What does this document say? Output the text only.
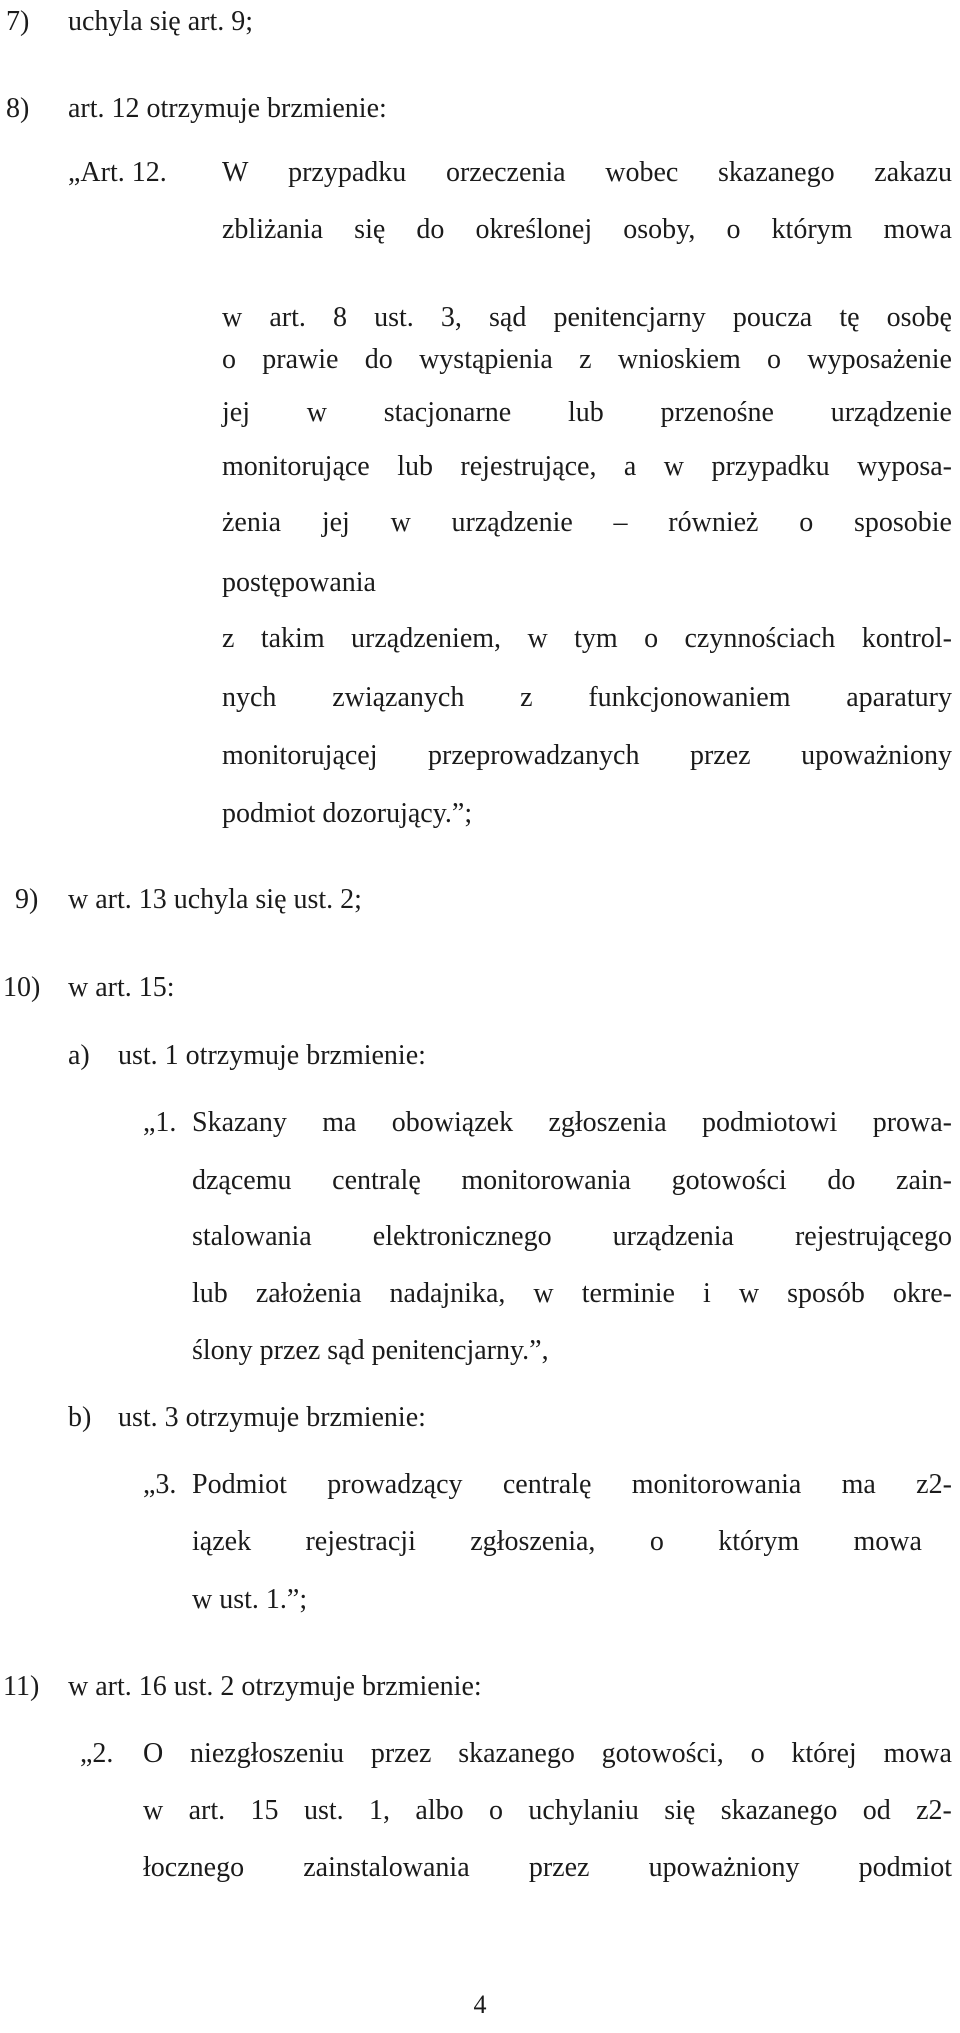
7) uchyla się art. 9;
8) art. 12 otrzymuje brzmienie:
„Art. 12. W przypadku orzeczenia wobec skazanego zakazu
zbliżania się do określonej osoby, o którym mowa
w art. 8 ust. 3, sąd penitencjarny poucza tę osobę
o prawie do wystąpienia z wnioskiem o wyposażenie
jej w stacjonarne lub przenośne urządzenie
monitorujące lub rejestrujące, a w przypadku wyposa-
żenia jej w urządzenie – również o sposobie
postępowania
z takim urządzeniem, w tym o czynnościach kontrol-
nych związanych z funkcjonowaniem aparatury
monitorującej przeprowadzanych przez upoważniony
podmiot dozorujący.”;
9) w art. 13 uchyla się ust. 2;
10) w art. 15:
a) ust. 1 otrzymuje brzmienie:
„1. Skazany ma obowiązek zgłoszenia podmiotowi prowa-
dzącemu centralę monitorowania gotowości do zain-
stalowania elektronicznego urządzenia rejestrującego
lub założenia nadajnika, w terminie i w sposób okre-
ślony przez sąd penitencjarny.”,
b) ust. 3 otrzymuje brzmienie:
„3. Podmiot prowadzący centralę monitorowania ma z2-
iązek rejestracji zgłoszenia, o którym mowa
w ust. 1.”;
11) w art. 16 ust. 2 otrzymuje brzmienie:
„2. O niezgłoszeniu przez skazanego gotowości, o której mowa
w art. 15 ust. 1, albo o uchylaniu się skazanego od z2-
łocznego zainstalowania przez upoważniony podmiot
4
